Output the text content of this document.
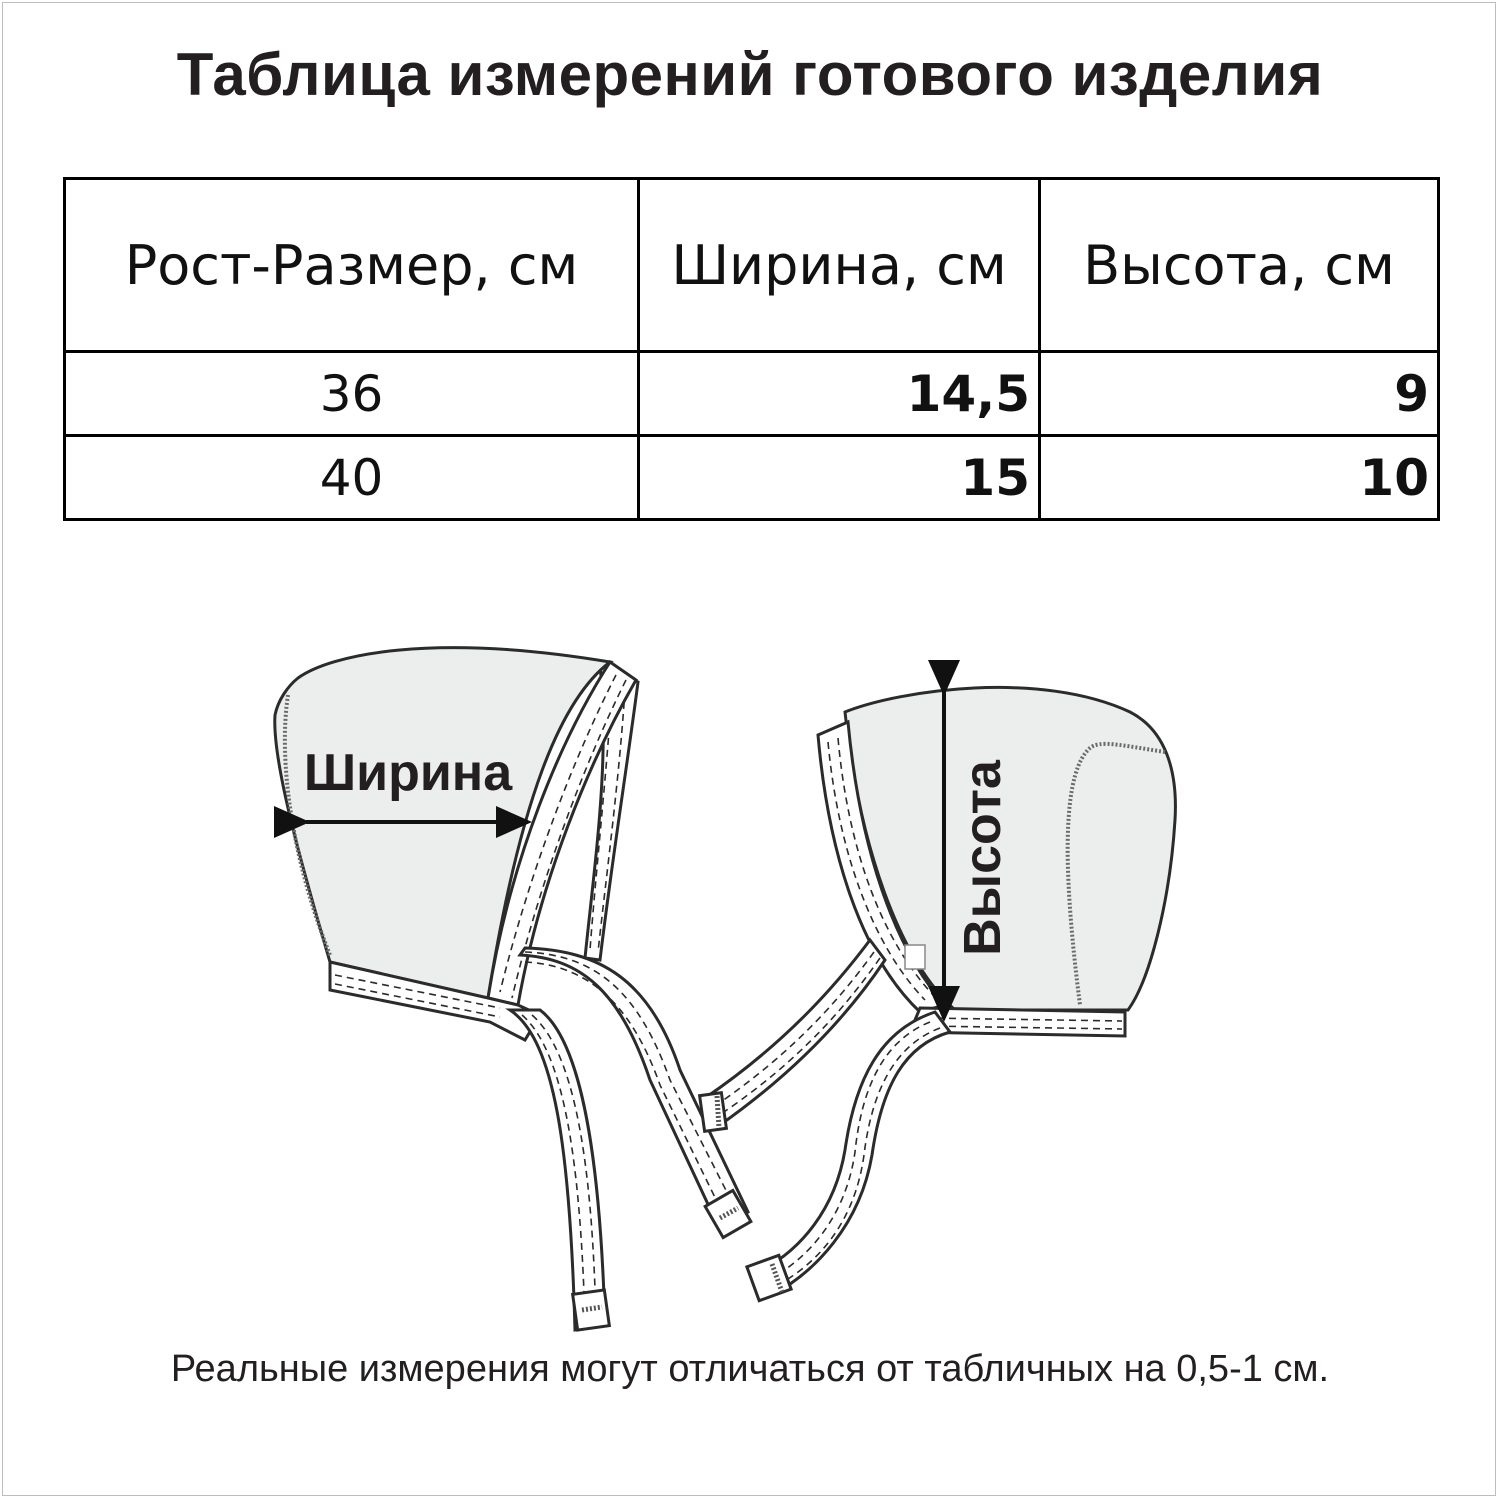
Таблица измерений готового изделия
Рост-Размер, см	Ширина, см	Высота, см
36	14,5	9
40	15	10
Ширина	Высота
Реальные измерения могут отличаться от табличных на 0,5-1 см.
